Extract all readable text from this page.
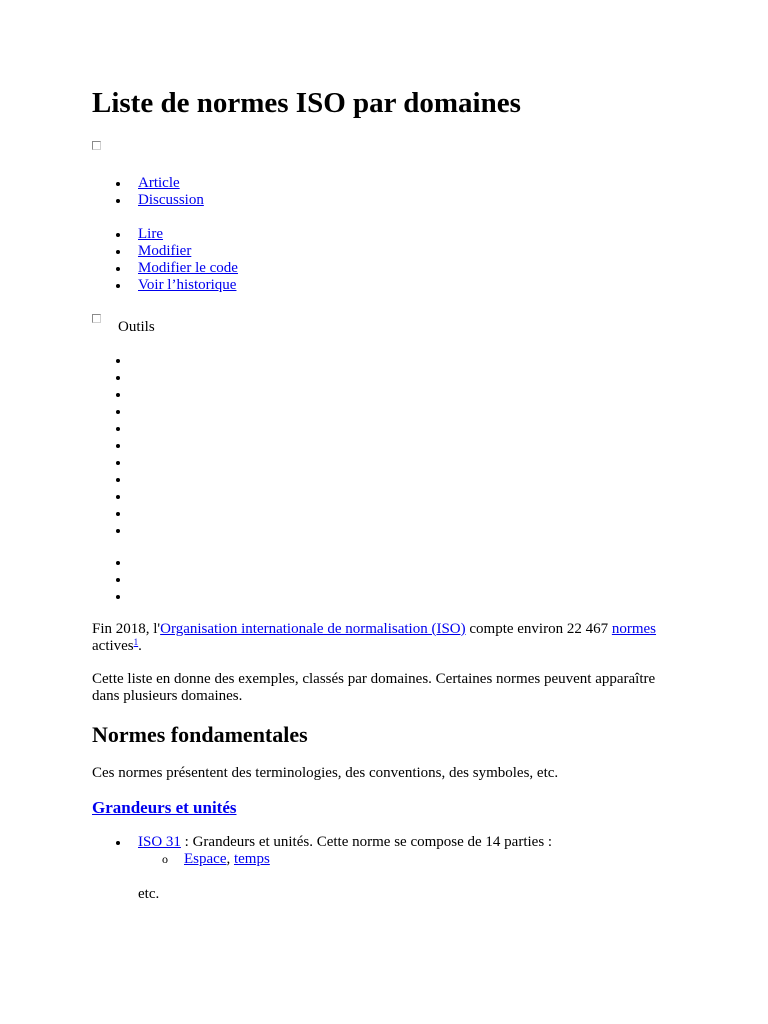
Liste de normes ISO par domaines
Article
Discussion
Lire
Modifier
Modifier le code
Voir l’historique
Outils

Fin 2018, l'Organisation internationale de normalisation (ISO) compte environ 22 467 normes
actives$^1$.

Cette liste en donne des exemples, classés par domaines. Certaines normes peuvent apparaître dans plusieurs domaines.

Normes fondamentales

Ces normes présentent des terminologies, des conventions, des symboles, etc.

Grandeurs et unités
ISO 31 : Grandeurs et unités. Cette norme se compose de 14 parties :
o Espace, temps
etc.
